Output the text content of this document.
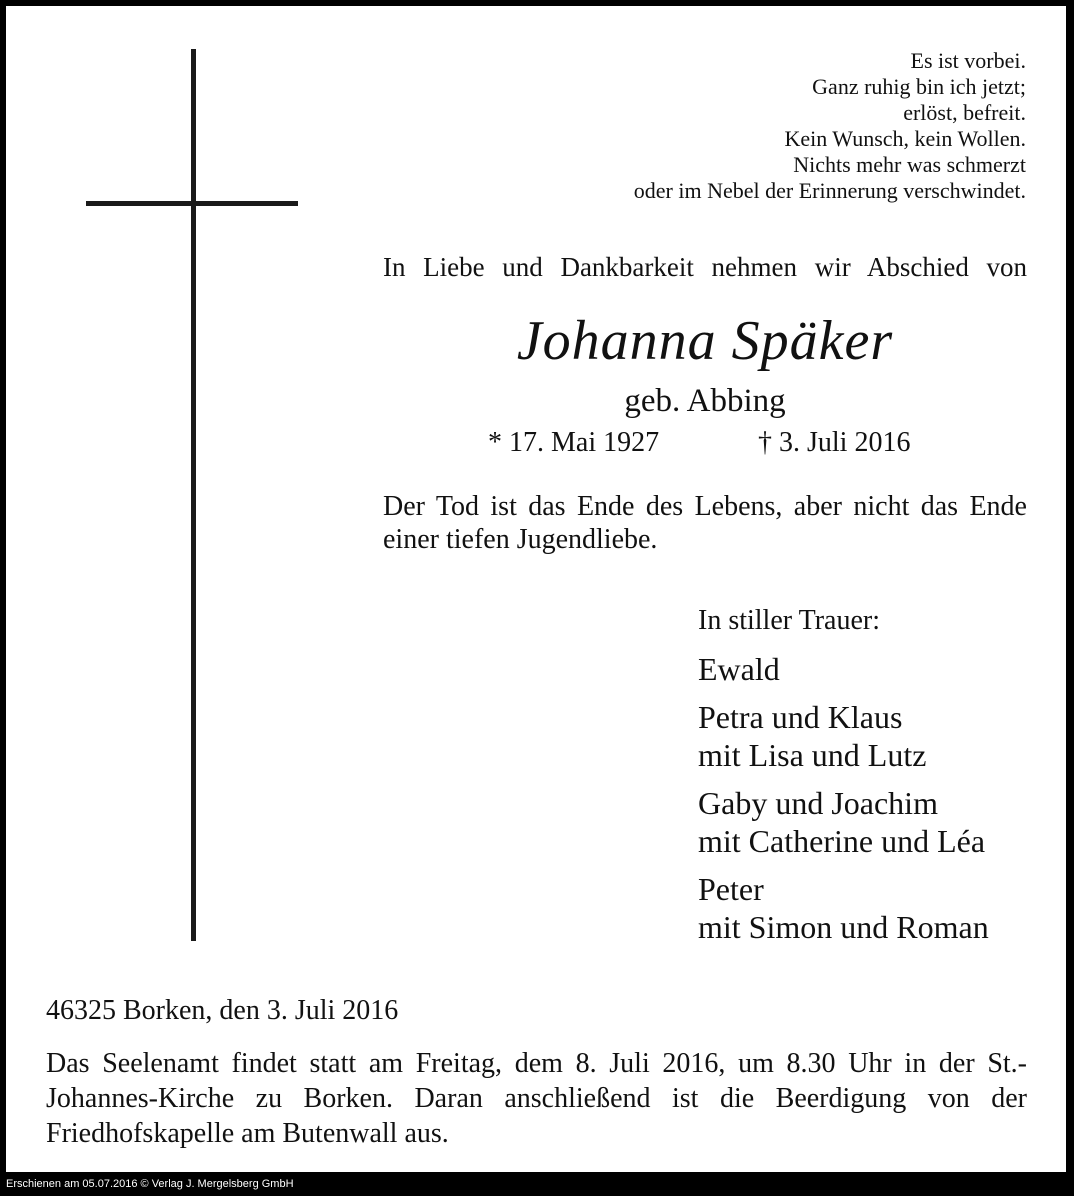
Es ist vorbei.
Ganz ruhig bin ich jetzt;
erlöst, befreit.
Kein Wunsch, kein Wollen.
Nichts mehr was schmerzt
oder im Nebel der Erinnerung verschwindet.
In Liebe und Dankbarkeit nehmen wir Abschied von
Johanna Späker
geb. Abbing
* 17. Mai 1927	† 3. Juli 2016
Der Tod ist das Ende des Lebens, aber nicht das Ende einer tiefen Jugendliebe.
In stiller Trauer:
Ewald
Petra und Klaus
mit Lisa und Lutz
Gaby und Joachim
mit Catherine und Léa
Peter
mit Simon und Roman
46325 Borken, den 3. Juli 2016
Das Seelenamt findet statt am Freitag, dem 8. Juli 2016, um 8.30 Uhr in der St.-Johannes-Kirche zu Borken. Daran anschließend ist die Beerdigung von der Friedhofskapelle am Butenwall aus.
Erschienen am 05.07.2016 © Verlag J. Mergelsberg GmbH
